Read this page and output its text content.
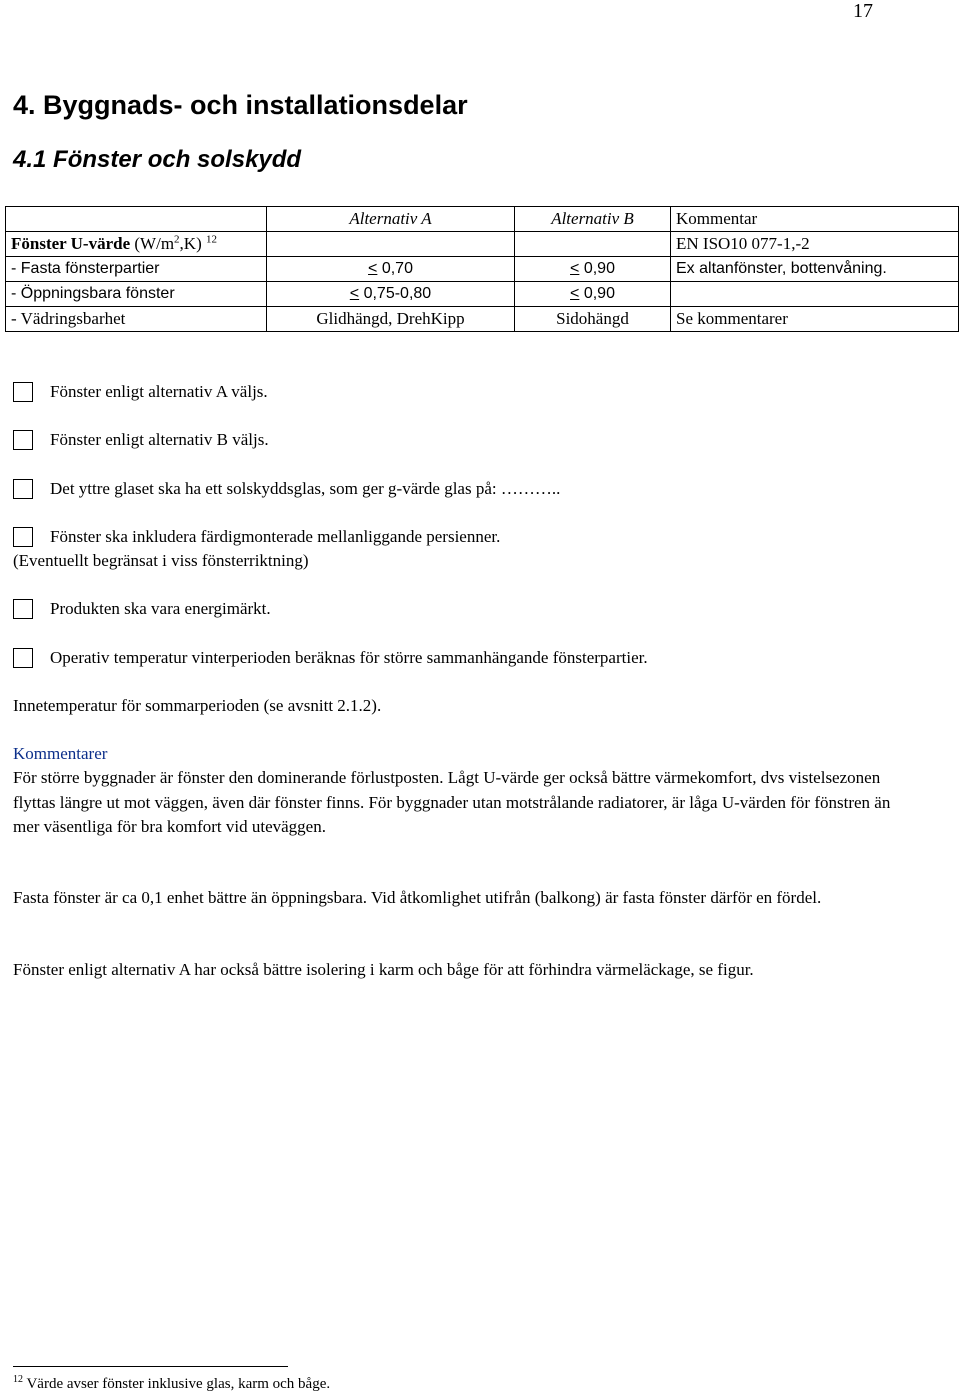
17
4. Byggnads- och installationsdelar
4.1 Fönster och solskydd
	Alternativ A	Alternativ B	Kommentar
Fönster U-värde $(W/m^2,K)$ $^{12}$			EN ISO10 077-1,-2
- Fasta fönsterpartier	< 0,70	< 0,90	Ex altanfönster, bottenvåning.
- Öppningsbara fönster	< 0,75-0,80	< 0,90	
- Vädringsbarhet	Glidhängd, DrehKipp	Sidohängd	Se kommentarer
Fönster enligt alternativ A väljs.
Fönster enligt alternativ B väljs.
Det yttre glaset ska ha ett solskyddsglas, som ger g-värde glas på: ………..
Fönster ska inkludera färdigmonterade mellanliggande persienner.
(Eventuellt begränsat i viss fönsterriktning)
Produkten ska vara energimärkt.
Operativ temperatur vinterperioden beräknas för större sammanhängande fönsterpartier.
Innetemperatur för sommarperioden (se avsnitt 2.1.2).
Kommentarer

För större byggnader är fönster den dominerande förlustposten. Lågt U-värde ger också bättre värmekomfort, dvs vistelsezonen flyttas längre ut mot väggen, även där fönster finns. För byggnader utan motstrålande radiatorer, är låga U-värden för fönstren än mer väsentliga för bra komfort vid uteväggen.

Fasta fönster är ca 0,1 enhet bättre än öppningsbara. Vid åtkomlighet utifrån (balkong) är fasta fönster därför en fördel.

Fönster enligt alternativ A har också bättre isolering i karm och båge för att förhindra värmeläckage, se figur.

$^{12}$ Värde avser fönster inklusive glas, karm och båge.
